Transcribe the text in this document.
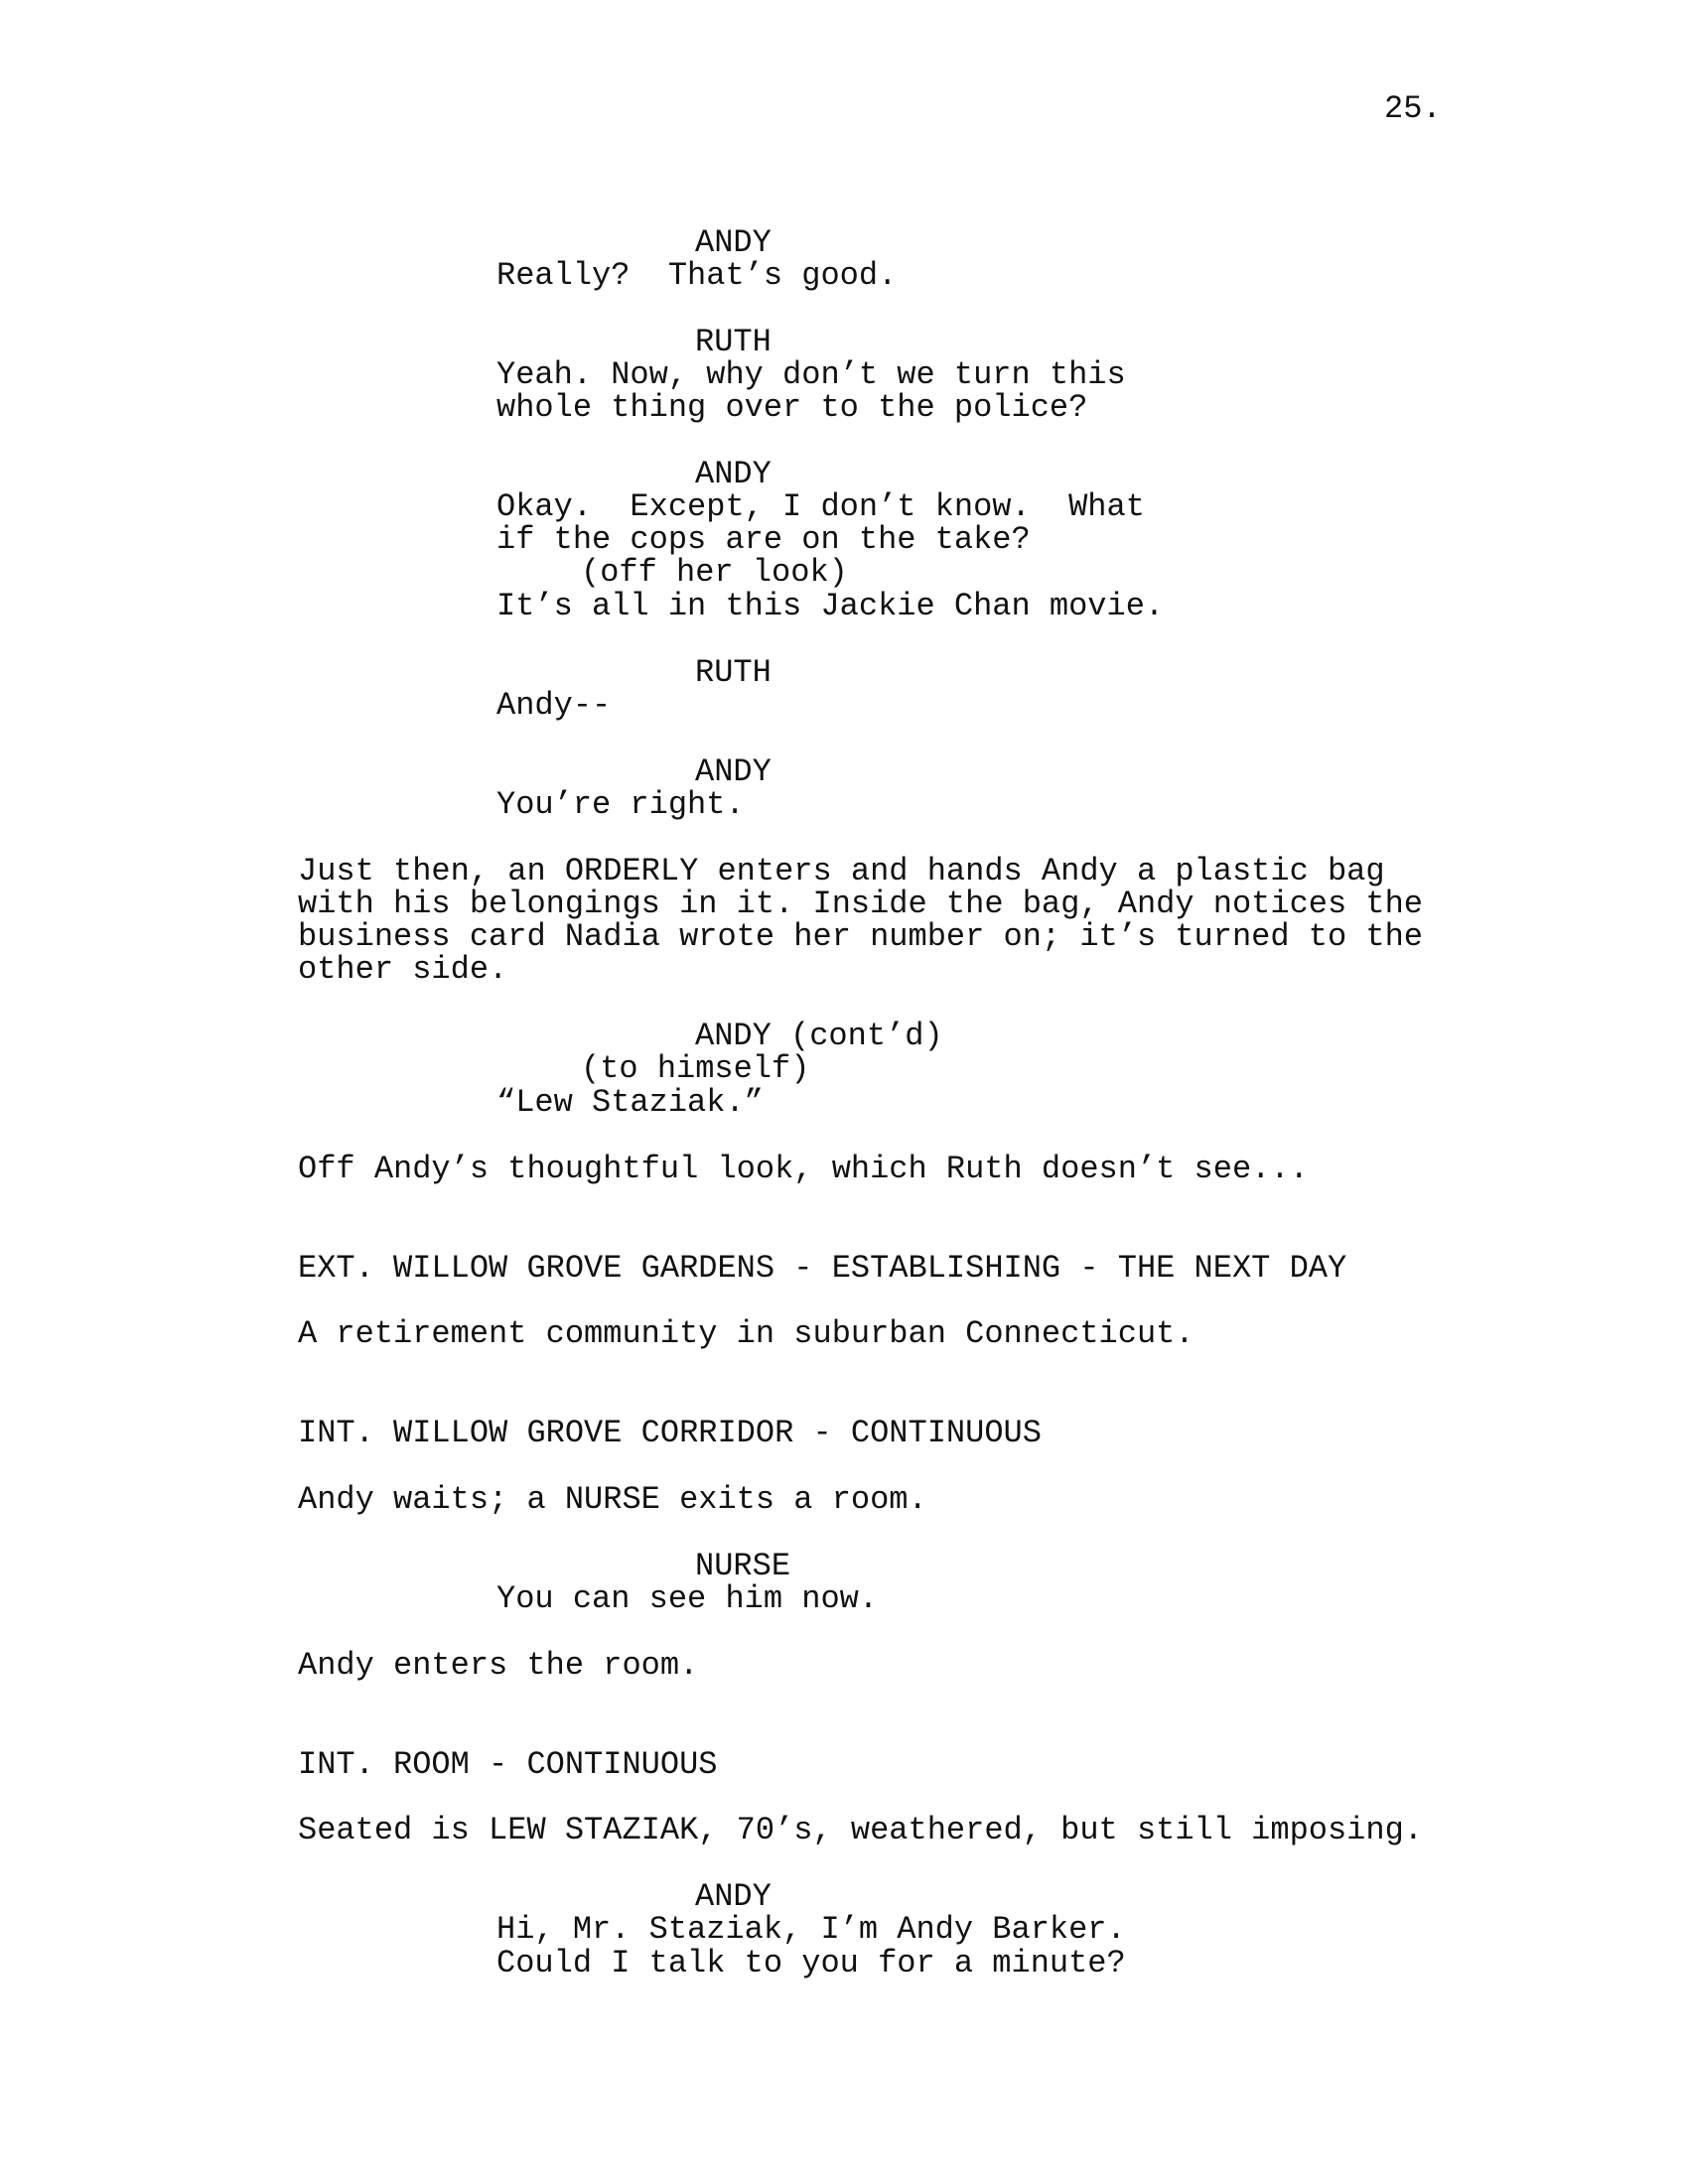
25.
ANDY
Really?  That’s good.
RUTH
Yeah. Now, why don’t we turn this
whole thing over to the police?
ANDY
Okay.  Except, I don’t know.  What
if the cops are on the take?
(off her look)
It’s all in this Jackie Chan movie.
RUTH
Andy--
ANDY
You’re right.
Just then, an ORDERLY enters and hands Andy a plastic bag
with his belongings in it. Inside the bag, Andy notices the
business card Nadia wrote her number on; it’s turned to the
other side.
ANDY (cont’d)
(to himself)
“Lew Staziak.”
Off Andy’s thoughtful look, which Ruth doesn’t see...
EXT. WILLOW GROVE GARDENS - ESTABLISHING - THE NEXT DAY
A retirement community in suburban Connecticut.
INT. WILLOW GROVE CORRIDOR - CONTINUOUS
Andy waits; a NURSE exits a room.
NURSE
You can see him now.
Andy enters the room.
INT. ROOM - CONTINUOUS
Seated is LEW STAZIAK, 70’s, weathered, but still imposing.
ANDY
Hi, Mr. Staziak, I’m Andy Barker.
Could I talk to you for a minute?
